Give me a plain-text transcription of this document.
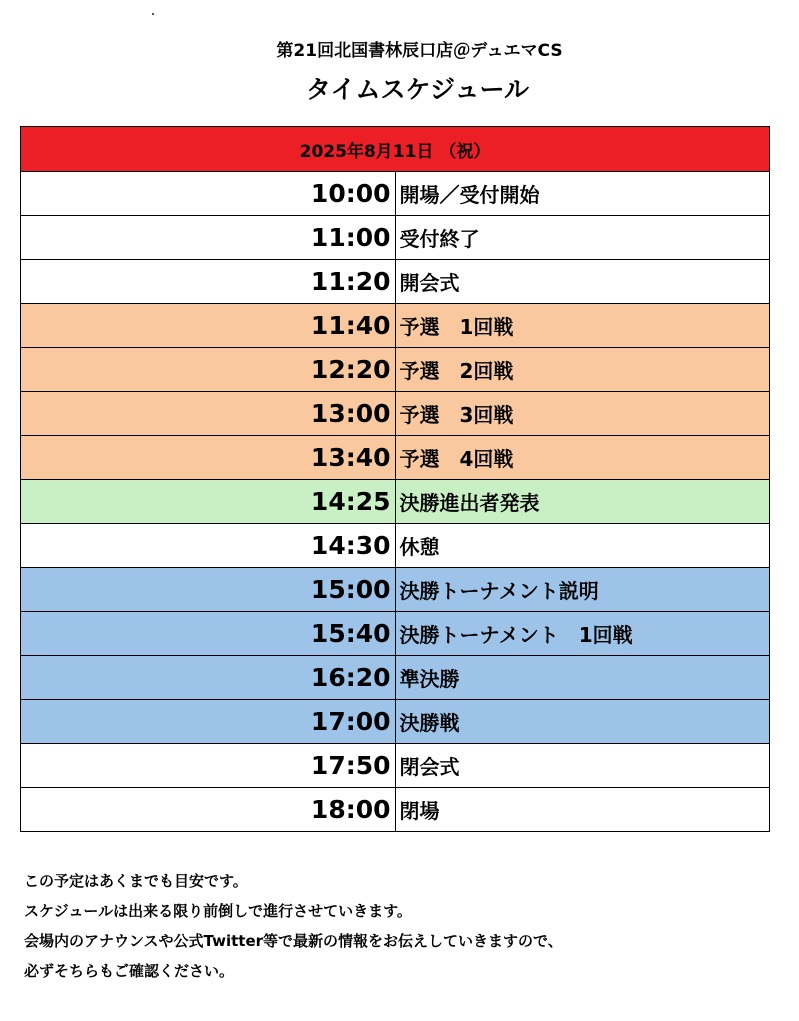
第21回北国書林辰口店＠デュエマCS
タイムスケジュール
2025年8月11日 （祝）	
10:00	開場／受付開始
11:00	受付終了
11:20	開会式
11:40	予選　1回戦
12:20	予選　2回戦
13:00	予選　3回戦
13:40	予選　4回戦
14:25	決勝進出者発表
14:30	休憩
15:00	決勝トーナメント説明
15:40	決勝トーナメント　1回戦
16:20	準決勝
17:00	決勝戦
17:50	閉会式
18:00	閉場
この予定はあくまでも目安です。
スケジュールは出来る限り前倒しで進行させていきます。
会場内のアナウンスや公式Twitter等で最新の情報をお伝えしていきますので、
必ずそちらもご確認ください。
